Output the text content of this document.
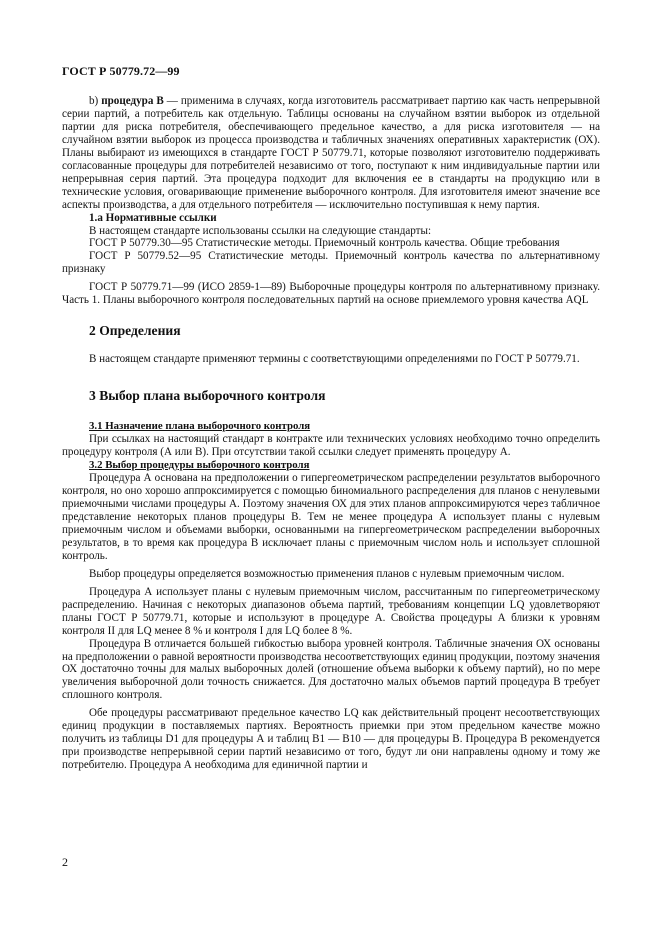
ГОСТ Р 50779.72—99

b) процедура В — применима в случаях, когда изготовитель рассматривает партию как часть непрерывной серии партий, а потребитель как отдельную. Таблицы основаны на случайном взятии выборок из отдельной партии для риска потребителя, обеспечивающего предельное качество, а для риска изготовителя — на случайном взятии выборок из процесса производства и табличных значениях оперативных характеристик (ОХ). Планы выбирают из имеющихся в стандарте ГОСТ Р 50779.71, которые позволяют изготовителю поддерживать согласованные процедуры для потребителей независимо от того, поступают к ним индивидуальные партии или непрерывная серия партий. Эта процедура подходит для включения ее в стандарты на продукцию или в технические условия, оговаривающие применение выборочного контроля. Для изготовителя имеют значение все аспекты производства, а для отдельного потребителя — исключительно поступившая к нему партия.

1.а Нормативные ссылки

В настоящем стандарте использованы ссылки на следующие стандарты:

ГОСТ Р 50779.30—95 Статистические методы. Приемочный контроль качества. Общие требования

ГОСТ Р 50779.52—95 Статистические методы. Приемочный контроль качества по альтернативному признаку

ГОСТ Р 50779.71—99 (ИСО 2859-1—89) Выборочные процедуры контроля по альтернативному признаку. Часть 1. Планы выборочного контроля последовательных партий на основе приемлемого уровня качества AQL

2 Определения

В настоящем стандарте применяют термины с соответствующими определениями по ГОСТ Р 50779.71.

3 Выбор плана выборочного контроля
3.1 Назначение плана выборочного контроля

При ссылках на настоящий стандарт в контракте или технических условиях необходимо точно определить процедуру контроля (А или В). При отсутствии такой ссылки следует применять процедуру А.

3.2 Выбор процедуры выборочного контроля

Процедура А основана на предположении о гипергеометрическом распределении результатов выборочного контроля, но оно хорошо аппроксимируется с помощью биномиального распределения для планов с ненулевыми приемочными числами процедуры А. Поэтому значения ОХ для этих планов аппроксимируются через табличное представление некоторых планов процедуры В. Тем не менее процедура А использует планы с нулевым приемочным числом и объемами выборки, основанными на гипергеометрическом распределении выборочных результатов, в то время как процедура В исключает планы с приемочным числом ноль и использует сплошной контроль.

Выбор процедуры определяется возможностью применения планов с нулевым приемочным числом.

Процедура А использует планы с нулевым приемочным числом, рассчитанным по гипергеометрическому распределению. Начиная с некоторых диапазонов объема партий, требованиям концепции LQ удовлетворяют планы ГОСТ Р 50779.71, которые и используют в процедуре А. Свойства процедуры А близки к уровням контроля II для LQ менее 8 % и контроля I для LQ более 8 %.

Процедура В отличается большей гибкостью выбора уровней контроля. Табличные значения ОХ основаны на предположении о равной вероятности производства несоответствующих единиц продукции, поэтому значения ОХ достаточно точны для малых выборочных долей (отношение объема выборки к объему партий), но по мере увеличения выборочной доли точность снижается. Для достаточно малых объемов партий процедура В требует сплошного контроля.

Обе процедуры рассматривают предельное качество LQ как действительный процент несоответствующих единиц продукции в поставляемых партиях. Вероятность приемки при этом предельном качестве можно получить из таблицы D1 для процедуры А и таблиц B1 — B10 — для процедуры B. Процедура В рекомендуется при производстве непрерывной серии партий независимо от того, будут ли они направлены одному и тому же потребителю. Процедура А необходима для единичной партии и

2
